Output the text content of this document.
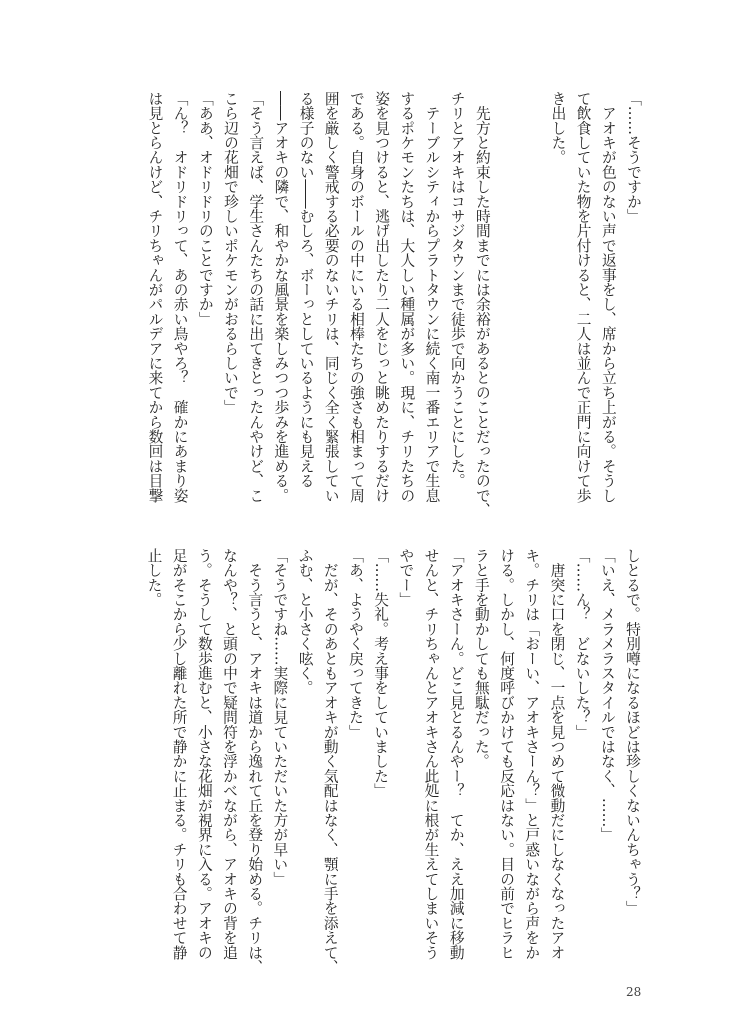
「……そうですか」
　アオキが色のない声で返事をし、席から立ち上がる。そうし
て飲食していた物を片付けると、二人は並んで正門に向けて歩
き出した。
　先方と約束した時間までには余裕があるとのことだったので、
チリとアオキはコサジタウンまで徒歩で向かうことにした。
　テーブルシティからプラトタウンに続く南一番エリアで生息
するポケモンたちは、大人しい種属が多い。現に、チリたちの
姿を見つけると、逃げ出したり二人をじっと眺めたりするだけ
である。自身のボールの中にいる相棒たちの強さも相まって周
囲を厳しく警戒する必要のないチリは、同じく全く緊張してい
る様子のない――むしろ、ボーっとしているようにも見える
――アオキの隣で、和やかな風景を楽しみつつ歩みを進める。
「そう言えば、学生さんたちの話に出てきとったんやけど、こ
こら辺の花畑で珍しいポケモンがおるらしいで」
「ああ、オドリドリのことですか」
「ん？　オドリドリって、あの赤い鳥やろ？　確かにあまり姿
は見とらんけど、チリちゃんがパルデアに来てから数回は目撃
しとるで。特別噂になるほどは珍しくないんちゃう？」
「いえ、メラメラスタイルではなく、……」
「……ん？　どないした？」
　唐突に口を閉じ、一点を見つめて微動だにしなくなったアオ
キ。チリは「おーい、アオキさーん？」と戸惑いながら声をか
ける。しかし、何度呼びかけても反応はない。目の前でヒラヒ
ラと手を動かしても無駄だった。
「アオキさーん。どこ見とるんやー？　てか、ええ加減に移動
せんと、チリちゃんとアオキさん此処に根が生えてしまいそう
やでー」
「……失礼。考え事をしていました」
「あ、ようやく戻ってきた」
　だが、そのあともアオキが動く気配はなく、顎に手を添えて、
ふむ、と小さく呟く。
「そうですね……実際に見ていただいた方が早い」
　そう言うと、アオキは道から逸れて丘を登り始める。チリは、
なんや？、と頭の中で疑問符を浮かべながら、アオキの背を追
う。そうして数歩進むと、小さな花畑が視界に入る。アオキの
足がそこから少し離れた所で静かに止まる。チリも合わせて静
止した。
28
